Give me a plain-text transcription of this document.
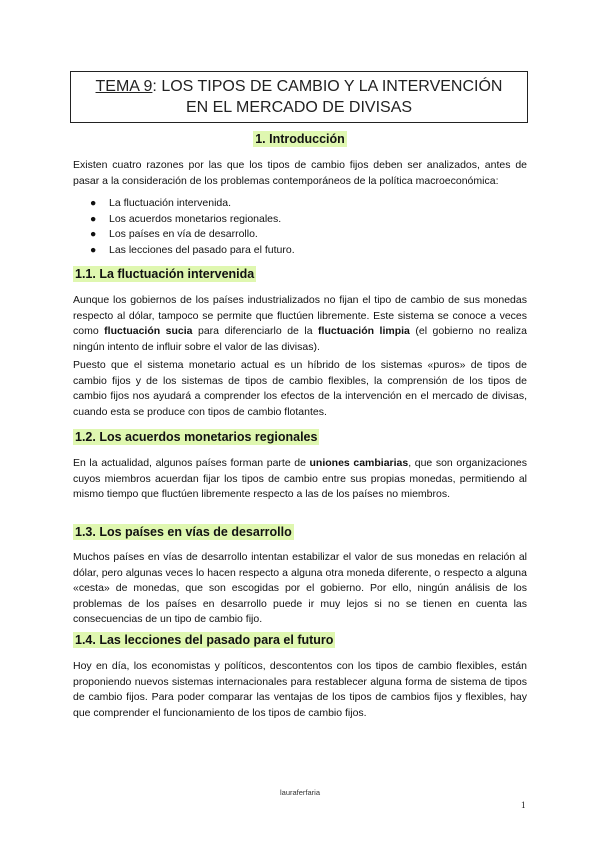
TEMA 9: LOS TIPOS DE CAMBIO Y LA INTERVENCIÓN
EN EL MERCADO DE DIVISAS
1. Introducción

Existen cuatro razones por las que los tipos de cambio fijos deben ser analizados, antes de pasar a la consideración de los problemas contemporáneos de la política macroeconómica:

● La fluctuación intervenida.
● Los acuerdos monetarios regionales.
● Los países en vía de desarrollo.
● Las lecciones del pasado para el futuro.

1.1. La fluctuación intervenida

Aunque los gobiernos de los países industrializados no fijan el tipo de cambio de sus monedas respecto al dólar, tampoco se permite que fluctúen libremente. Este sistema se conoce a veces como fluctuación sucia para diferenciarlo de la fluctuación limpia (el gobierno no realiza ningún intento de influir sobre el valor de las divisas).

Puesto que el sistema monetario actual es un híbrido de los sistemas «puros» de tipos de cambio fijos y de los sistemas de tipos de cambio flexibles, la comprensión de los tipos de cambio fijos nos ayudará a comprender los efectos de la intervención en el mercado de divisas, cuando esta se produce con tipos de cambio flotantes.

1.2. Los acuerdos monetarios regionales

En la actualidad, algunos países forman parte de uniones cambiarias, que son organizaciones cuyos miembros acuerdan fijar los tipos de cambio entre sus propias monedas, permitiendo al mismo tiempo que fluctúen libremente respecto a las de los países no miembros.

1.3. Los países en vías de desarrollo

Muchos países en vías de desarrollo intentan estabilizar el valor de sus monedas en relación al dólar, pero algunas veces lo hacen respecto a alguna otra moneda diferente, o respecto a alguna «cesta» de monedas, que son escogidas por el gobierno. Por ello, ningún análisis de los problemas de los países en desarrollo puede ir muy lejos si no se tienen en cuenta las consecuencias de un tipo de cambio fijo.

1.4. Las lecciones del pasado para el futuro

Hoy en día, los economistas y políticos, descontentos con los tipos de cambio flexibles, están proponiendo nuevos sistemas internacionales para restablecer alguna forma de sistema de tipos de cambio fijos. Para poder comparar las ventajas de los tipos de cambios fijos y flexibles, hay que comprender el funcionamiento de los tipos de cambio fijos.

lauraferfaria
1
